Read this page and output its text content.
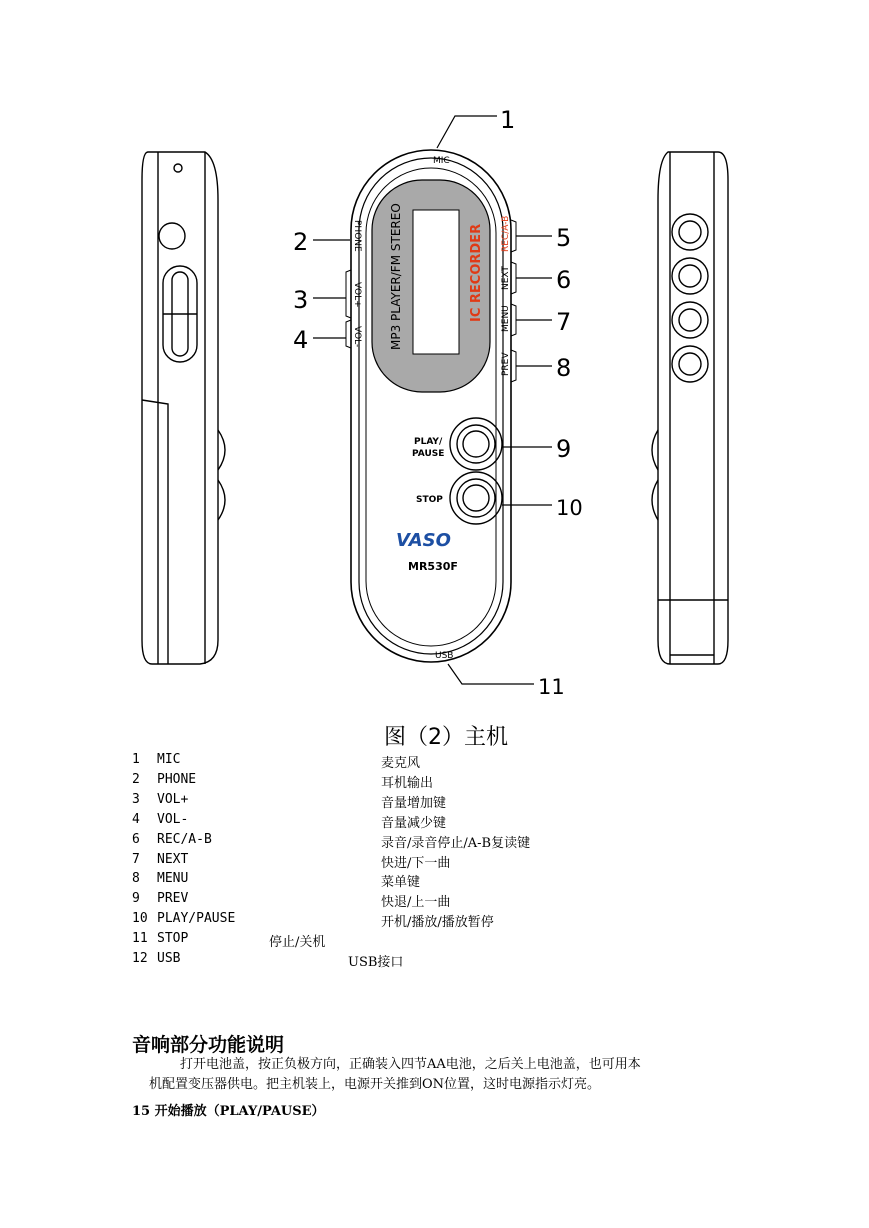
MP3 PLAYER/FM STEREO	IC RECORDER
PHONE
VOL+
VOL-
REC/A-B
NEXT
MENU
PREV
MIC
USB
PLAY/
PAUSE
STOP
VASO
MR530F
1
2
3
4
5
6
7
8
9
10
11
图（2）主机
1 MIC	麦克风
2 PHONE	耳机输出
3 VOL+	音量增加键
4 VOL-	音量减少键
6 REC/A-B	录音/录音停止/A-B复读键
7 NEXT	快进/下一曲
8 MENU	菜单键
9 PREV	快退/上一曲
10 PLAY/PAUSE	开机/播放/播放暂停
11 STOP	停止/关机
12 USB	USB接口
音响部分功能说明
打开电池盖，按正负极方向，正确装入四节AA电池，之后关上电池盖，也可用本
机配置变压器供电。把主机装上，电源开关推到ON位置，这时电源指示灯亮。
15 开始播放（PLAY/PAUSE）
